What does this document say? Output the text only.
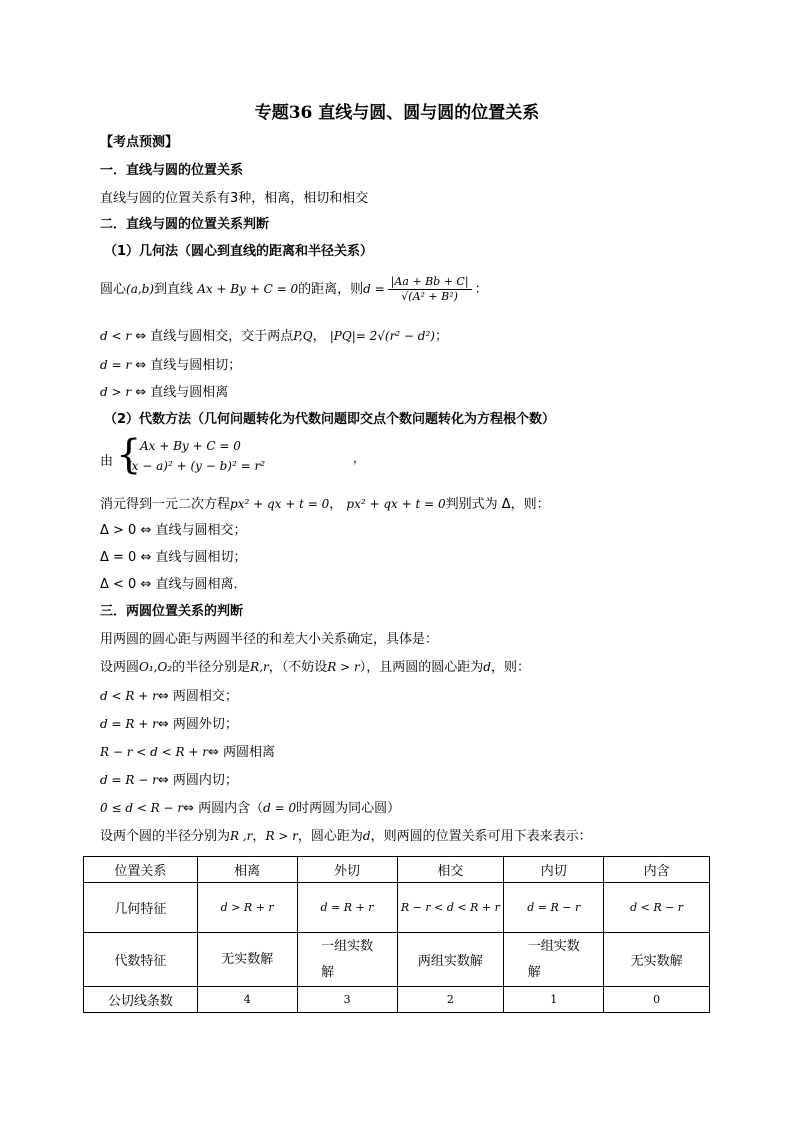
专题36 直线与圆、圆与圆的位置关系
【考点预测】
一．直线与圆的位置关系
直线与圆的位置关系有3种，相离，相切和相交
二．直线与圆的位置关系判断
（1）几何法（圆心到直线的距离和半径关系）
圆心(a,b)到直线 Ax + By + C = 0的距离，则$d = \frac{|Aa + Bb + C|}{\text{√(A² + B²)}}$ ：
d < r ⇔ 直线与圆相交，交于两点P,Q， |PQ|= 2√(r² − d²)；
d = r ⇔ 直线与圆相切；
d > r ⇔ 直线与圆相离
（2）代数方法（几何问题转化为代数问题即交点个数问题转化为方程根个数）
由 {
Ax + By + C = 0
(x − a)² + (y − b)² = r²
，
消元得到一元二次方程px² + qx + t = 0， px² + qx + t = 0判别式为 Δ，则：
Δ > 0 ⇔ 直线与圆相交；
Δ = 0 ⇔ 直线与圆相切；
Δ < 0 ⇔ 直线与圆相离．
三．两圆位置关系的判断
用两圆的圆心距与两圆半径的和差大小关系确定，具体是：
设两圆O₁,O₂的半径分别是R,r，（不妨设R > r），且两圆的圆心距为d，则：
d < R + r⇔ 两圆相交；
d = R + r⇔ 两圆外切；
R − r < d < R + r⇔ 两圆相离
d = R − r⇔ 两圆内切；
0 ≤ d < R − r⇔ 两圆内含（d = 0时两圆为同心圆）
设两个圆的半径分别为R ,r，R > r，圆心距为d，则两圆的位置关系可用下表来表示：
位置关系	相离	外切	相交	内切	内含
几何特征	d > R + r	d = R + r	R − r < d < R + r	d = R − r	d < R − r
代数特征	无实数解	一组实数解	两组实数解	一组实数解	无实数解
公切线条数	4	3	2	1	0
